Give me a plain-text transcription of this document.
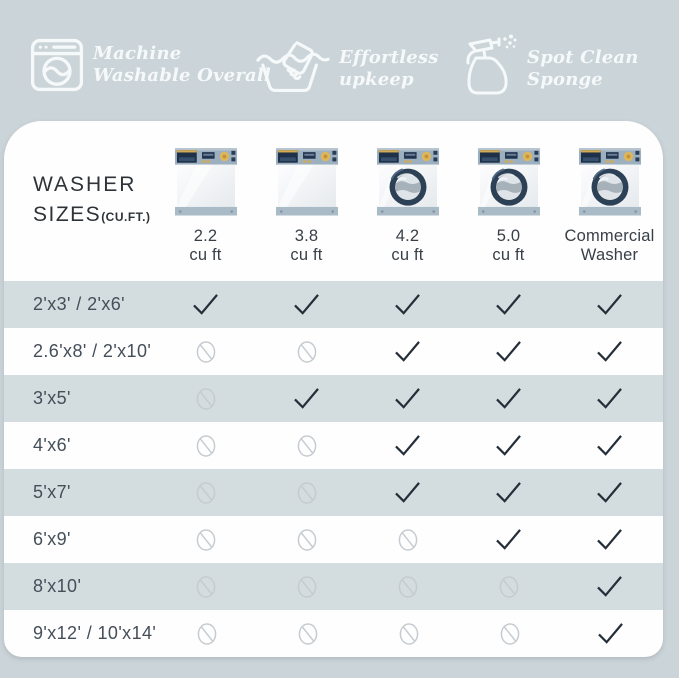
Machine
Washable Overall
Effortless
upkeep
Spot Clean
Sponge
WASHER
SIZES(CU.FT.)
2.2
cu ft
3.8
cu ft
4.2
cu ft
5.0
cu ft
Commercial
Washer
2'x3' / 2'x6'
2.6'x8' / 2'x10'
3'x5'
4'x6'
5'x7'
6'x9'
8'x10'
9'x12' / 10'x14'
